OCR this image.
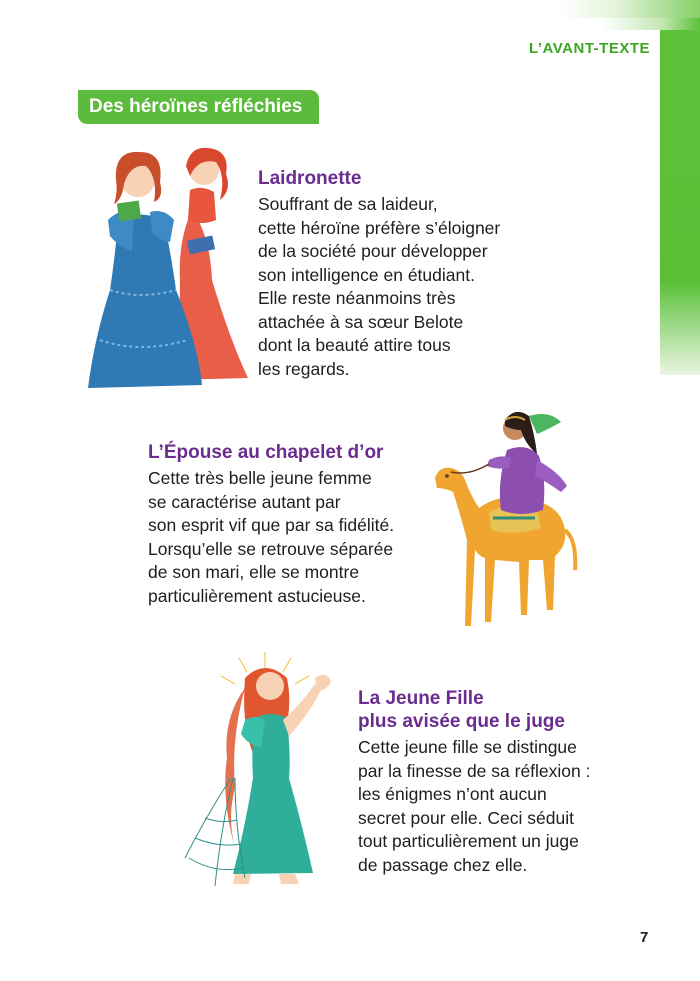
L’AVANT-TEXTE
Des héroïnes réfléchies
Laidronette

Souffrant de sa laideur,
cette héroïne préfère s’éloigner
de la société pour développer
son intelligence en étudiant.
Elle reste néanmoins très
attachée à sa sœur Belote
dont la beauté attire tous
les regards.

L’Épouse au chapelet d’or

Cette très belle jeune femme
se caractérise autant par
son esprit vif que par sa fidélité.
Lorsqu’elle se retrouve séparée
de son mari, elle se montre
particulièrement astucieuse.

La Jeune Fille
plus avisée que le juge

Cette jeune fille se distingue
par la finesse de sa réflexion :
les énigmes n’ont aucun
secret pour elle. Ceci séduit
tout particulièrement un juge
de passage chez elle.

7
